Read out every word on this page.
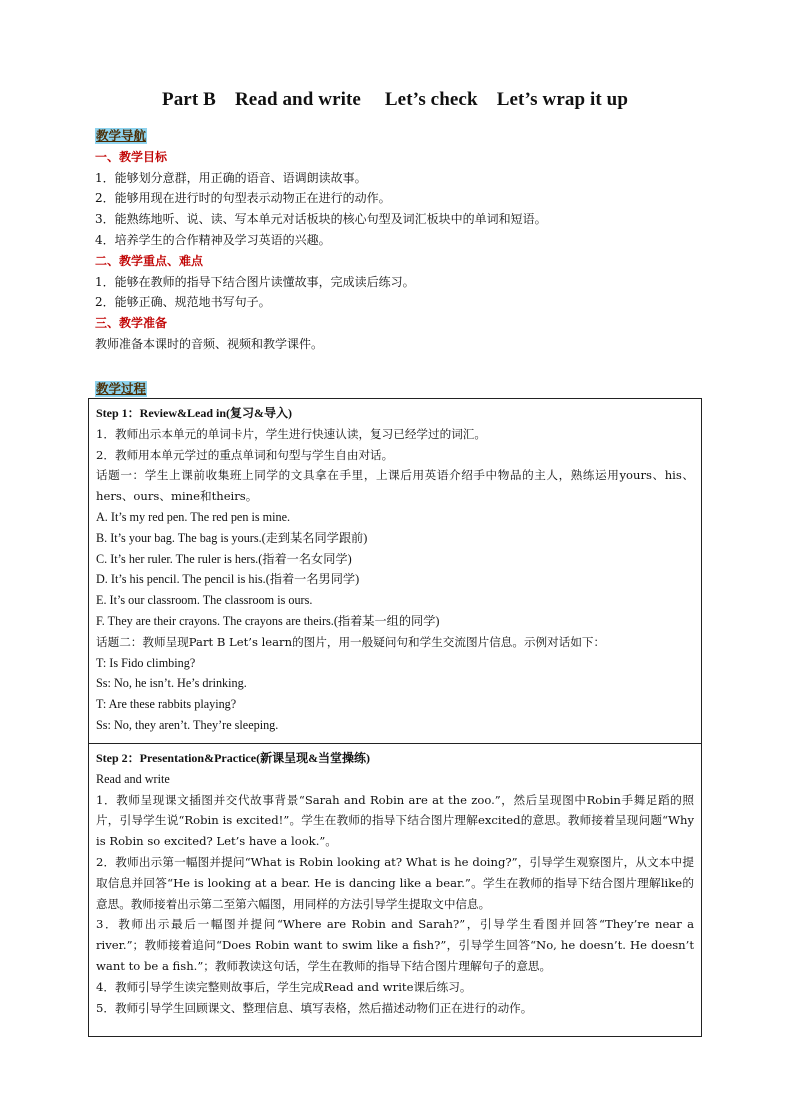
Part B　Read and write　 Let’s check　Let’s wrap it up
教学导航
一、教学目标
1．能够划分意群，用正确的语音、语调朗读故事。
2．能够用现在进行时的句型表示动物正在进行的动作。
3．能熟练地听、说、读、写本单元对话板块的核心句型及词汇板块中的单词和短语。
4．培养学生的合作精神及学习英语的兴趣。
二、教学重点、难点
1．能够在教师的指导下结合图片读懂故事，完成读后练习。
2．能够正确、规范地书写句子。
三、教学准备
教师准备本课时的音频、视频和教学课件。
教学过程
Step 1：Review&Lead in(复习&导入)
1．教师出示本单元的单词卡片，学生进行快速认读，复习已经学过的词汇。
2．教师用本单元学过的重点单词和句型与学生自由对话。
话题一：学生上课前收集班上同学的文具拿在手里，上课后用英语介绍手中物品的主人，熟练运用yours、his、hers、ours、mine和theirs。
A. It’s my red pen. The red pen is mine.
B. It’s your bag. The bag is yours.(走到某名同学跟前)
C. It’s her ruler. The ruler is hers.(指着一名女同学)
D. It’s his pencil. The pencil is his.(指着一名男同学)
E. It’s our classroom. The classroom is ours.
F. They are their crayons. The crayons are theirs.(指着某一组的同学)
话题二：教师呈现Part B Let’s learn的图片，用一般疑问句和学生交流图片信息。示例对话如下：
T: Is Fido climbing?
Ss: No, he isn’t. He’s drinking.
T: Are these rabbits playing?
Ss: No, they aren’t. They’re sleeping.
Step 2：Presentation&Practice(新课呈现&当堂操练)
Read and write
1．教师呈现课文插图并交代故事背景“Sarah and Robin are at the zoo.”，然后呈现图中Robin手舞足蹈的照片，引导学生说“Robin is excited!”。学生在教师的指导下结合图片理解excited的意思。教师接着呈现问题“Why is Robin so excited? Let’s have a look.”。
2．教师出示第一幅图并提问“What is Robin looking at? What is he doing?”，引导学生观察图片，从文本中提取信息并回答“He is looking at a bear. He is dancing like a bear.”。学生在教师的指导下结合图片理解like的意思。教师接着出示第二至第六幅图，用同样的方法引导学生提取文中信息。
3．教师出示最后一幅图并提问“Where are Robin and Sarah?”，引导学生看图并回答“They’re near a river.”；教师接着追问“Does Robin want to swim like a fish?”，引导学生回答“No, he doesn’t. He doesn’t want to be a fish.”；教师教读这句话，学生在教师的指导下结合图片理解句子的意思。
4．教师引导学生读完整则故事后，学生完成Read and write课后练习。
5．教师引导学生回顾课文、整理信息、填写表格，然后描述动物们正在进行的动作。
